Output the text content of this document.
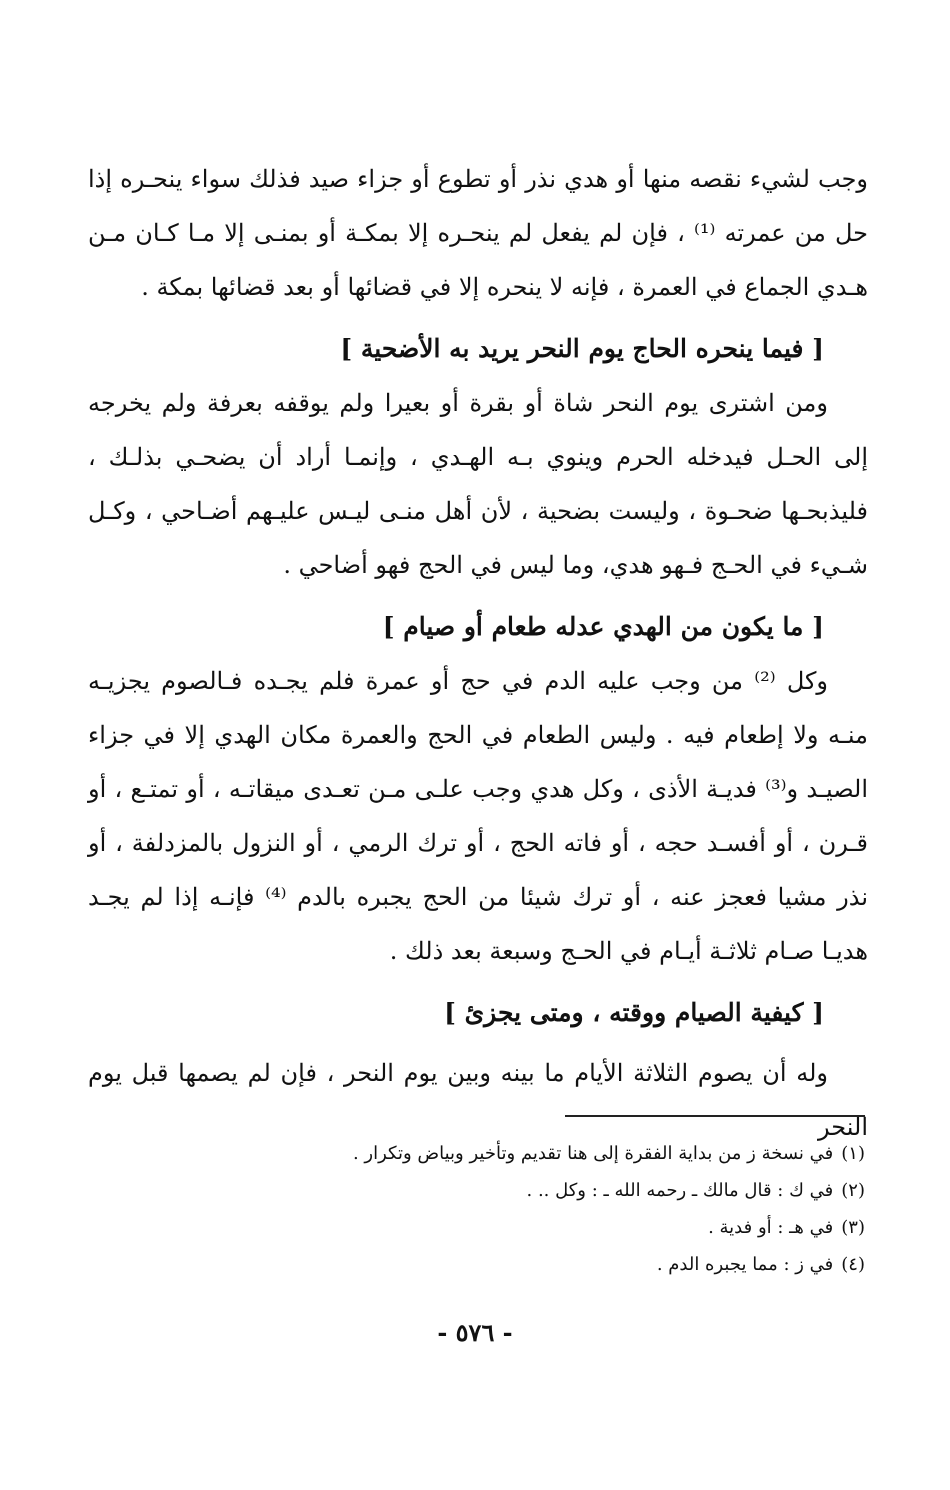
وجب لشيء نقصه منها أو هدي نذر أو تطوع أو جزاء صيد فذلك سواء ينحـره إذا حل من عمرته ⁽¹⁾ ، فإن لم يفعل لم ينحـره إلا بمكـة أو بمنـى إلا مـا كـان مـن هـدي الجماع في العمرة ، فإنه لا ينحره إلا في قضائها أو بعد قضائها بمكة .

[ فيما ينحره الحاج يوم النحر يريد به الأضحية ]

ومن اشترى يوم النحر شاة أو بقرة أو بعيرا ولم يوقفه بعرفة ولم يخرجه إلى الحـل فيدخله الحرم وينوي بـه الهـدي ، وإنمـا أراد أن يضحـي بذلـك ، فليذبحـها ضحـوة ، وليست بضحية ، لأن أهل منـى ليـس عليـهم أضـاحي ، وكـل شـيء في الحـج فـهو هدي، وما ليس في الحج فهو أضاحي .

[ ما يكون من الهدي عدله طعام أو صيام ]

وكل ⁽²⁾ من وجب عليه الدم في حج أو عمرة فلم يجـده فـالصوم يجزيـه منـه ولا إطعام فيه . وليس الطعام في الحج والعمرة مكان الهدي إلا في جزاء الصيـد و⁽³⁾ فديـة الأذى ، وكل هدي وجب علـى مـن تعـدى ميقاتـه ، أو تمتـع ، أو قـرن ، أو أفسـد حجه ، أو فاته الحج ، أو ترك الرمي ، أو النزول بالمزدلفة ، أو نذر مشيا فعجز عنه ، أو ترك شيئا من الحج يجبره بالدم ⁽⁴⁾ فإنـه إذا لم يجـد هديـا صـام ثلاثـة أيـام في الحـج وسبعة بعد ذلك .

[ كيفية الصيام ووقته ، ومتى يجزئ ]

وله أن يصوم الثلاثة الأيام ما بينه وبين يوم النحر ، فإن لم يصمها قبل يوم النحر

(١)في نسخة ز من بداية الفقرة إلى هنا تقديم وتأخير وبياض وتكرار .

(٢)في ك : قال مالك ـ رحمه الله ـ : وكل .. .

(٣)في هـ : أو فدية .

(٤)في ز : مما يجبره الدم .

- ٥٧٦ -
